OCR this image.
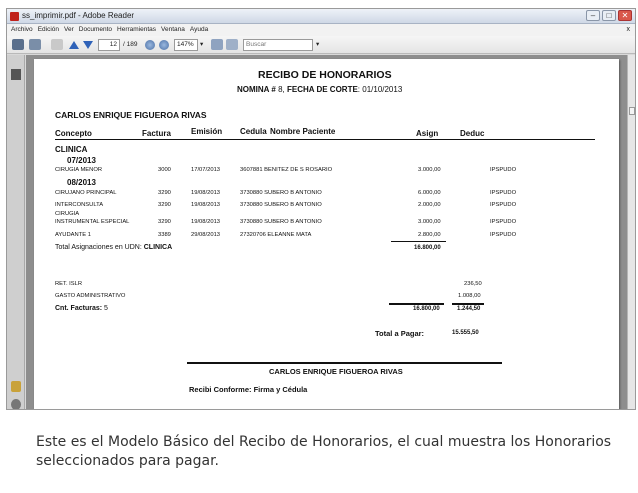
ss_imprimir.pdf - Adobe Reader	–	□	✕
Archivo Edición Ver Documento Herramientas Ventana Ayuda	x
12 / 189	147% ▾	Buscar	▾
RECIBO DE HONORARIOS
NOMINA # 8, FECHA DE CORTE: 01/10/2013
CARLOS ENRIQUE FIGUEROA RIVAS
Concepto	Factura	Emisión Cedula Nombre Paciente	Asign	Deduc
CLINICA
07/2013
CIRUGIA MENOR	3000	17/07/2013	3607881 BENITEZ DE S ROSARIO	3.000,00	IPSPUDO
08/2013
CIRUJANO PRINCIPAL	3290	19/08/2013	3730880 SUBERO B ANTONIO	6.000,00	IPSPUDO
INTERCONSULTA	3290	19/08/2013	3730880 SUBERO B ANTONIO	2.000,00	IPSPUDO
CIRUGIA
INSTRUMENTAL ESPECIAL	3290	19/08/2013	3730880 SUBERO B ANTONIO	3.000,00	IPSPUDO
AYUDANTE 1	3389	29/08/2013	27320706 ELEANNE MATA	2.800,00	IPSPUDO
Total Asignaciones en UDN: CLINICA	16.800,00
RET. ISLR	236,50
GASTO ADMINISTRATIVO	1.008,00
Cnt. Facturas: 5	16.800,00	1.244,50
Total a Pagar:	15.555,50
CARLOS ENRIQUE FIGUEROA RIVAS
Recibi Conforme: Firma y Cédula
Este es el Modelo Básico del Recibo de Honorarios, el cual muestra los Honorarios seleccionados para pagar.
